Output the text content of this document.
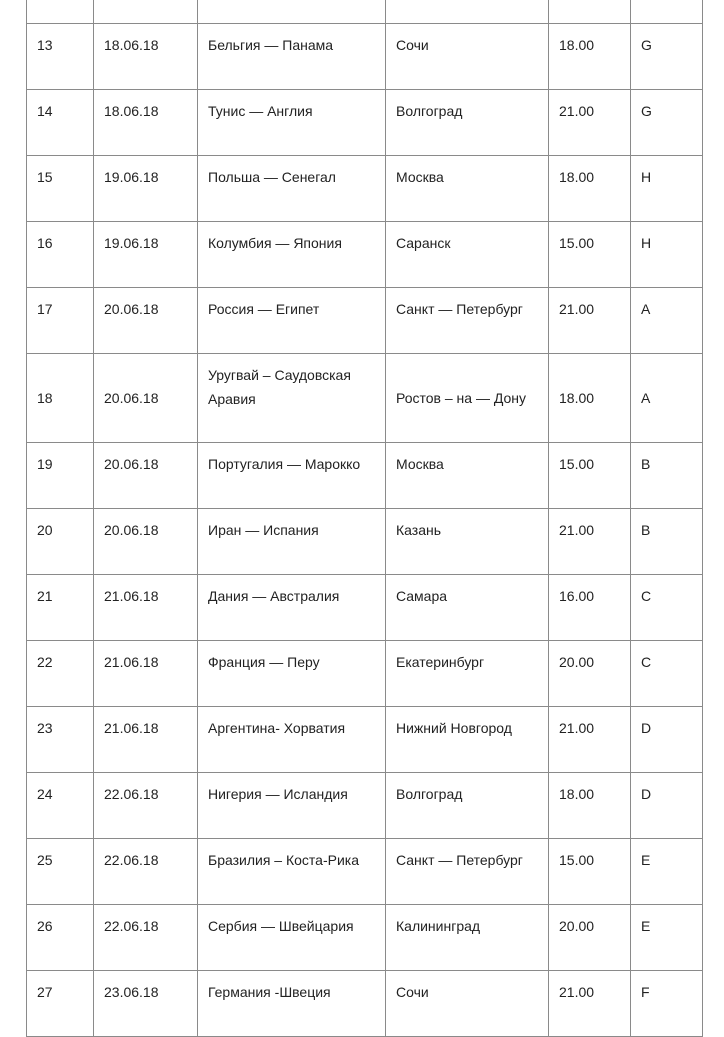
13	18.06.18	Бельгия — Панама	Сочи	18.00	G
14	18.06.18	Тунис — Англия	Волгоград	21.00	G
15	19.06.18	Польша — Сенегал	Москва	18.00	H
16	19.06.18	Колумбия — Япония	Саранск	15.00	H
17	20.06.18	Россия — Египет	Санкт — Петербург	21.00	A
18	20.06.18	Уругвай – Саудовская Аравия	Ростов – на — Дону	18.00	A
19	20.06.18	Португалия — Марокко	Москва	15.00	B
20	20.06.18	Иран — Испания	Казань	21.00	B
21	21.06.18	Дания — Австралия	Самара	16.00	C
22	21.06.18	Франция — Перу	Екатеринбург	20.00	C
23	21.06.18	Аргентина- Хорватия	Нижний Новгород	21.00	D
24	22.06.18	Нигерия — Исландия	Волгоград	18.00	D
25	22.06.18	Бразилия – Коста-Рика	Санкт — Петербург	15.00	E
26	22.06.18	Сербия — Швейцария	Калининград	20.00	E
27	23.06.18	Германия -Швеция	Сочи	21.00	F
